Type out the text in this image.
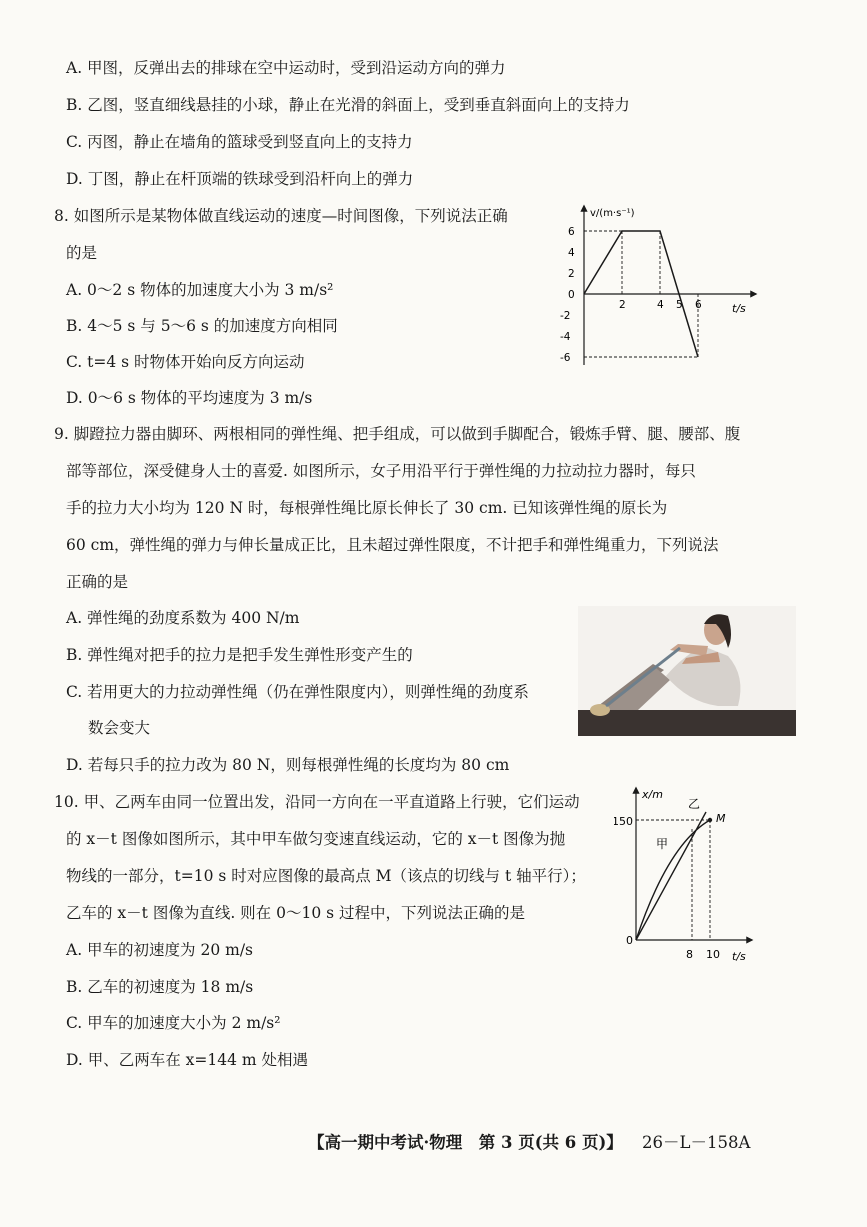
A. 甲图，反弹出去的排球在空中运动时，受到沿运动方向的弹力
B. 乙图，竖直细线悬挂的小球，静止在光滑的斜面上，受到垂直斜面向上的支持力
C. 丙图，静止在墙角的篮球受到竖直向上的支持力
D. 丁图，静止在杆顶端的铁球受到沿杆向上的弹力
8. 如图所示是某物体做直线运动的速度—时间图像，下列说法正确
的是
A. 0～2 s 物体的加速度大小为 3 m/s²
B. 4～5 s 与 5～6 s 的加速度方向相同
C. t=4 s 时物体开始向反方向运动
D. 0～6 s 物体的平均速度为 3 m/s
v/(m·s⁻¹)
t/s
6
4
2
0
-2
-4
-6
2	4 5 6
9. 脚蹬拉力器由脚环、两根相同的弹性绳、把手组成，可以做到手脚配合，锻炼手臂、腿、腰部、腹
部等部位，深受健身人士的喜爱. 如图所示，女子用沿平行于弹性绳的力拉动拉力器时，每只
手的拉力大小均为 120 N 时，每根弹性绳比原长伸长了 30 cm. 已知该弹性绳的原长为
60 cm，弹性绳的弹力与伸长量成正比，且未超过弹性限度，不计把手和弹性绳重力，下列说法
正确的是
A. 弹性绳的劲度系数为 400 N/m
B. 弹性绳对把手的拉力是把手发生弹性形变产生的
C. 若用更大的力拉动弹性绳（仍在弹性限度内），则弹性绳的劲度系
数会变大
D. 若每只手的拉力改为 80 N，则每根弹性绳的长度均为 80 cm
10. 甲、乙两车由同一位置出发，沿同一方向在一平直道路上行驶，它们运动
的 x－t 图像如图所示，其中甲车做匀变速直线运动，它的 x－t 图像为抛
物线的一部分，t=10 s 时对应图像的最高点 M（该点的切线与 t 轴平行）；
乙车的 x－t 图像为直线. 则在 0～10 s 过程中，下列说法正确的是
A. 甲车的初速度为 20 m/s
B. 乙车的初速度为 18 m/s
C. 甲车的加速度大小为 2 m/s²
D. 甲、乙两车在 x=144 m 处相遇
x/m
t/s
0
150
8 10
M
乙
甲
【高一期中考试·物理　第 3 页(共 6 页)】 26－L－158A
